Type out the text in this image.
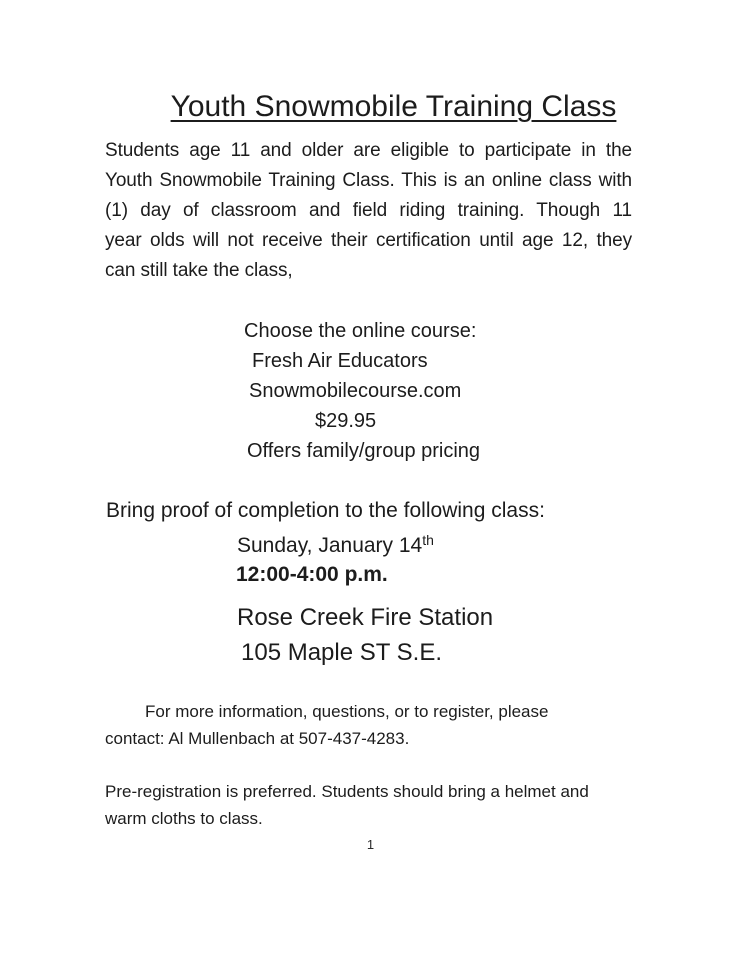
Youth Snowmobile Training Class
Students age 11 and older are eligible to participate in the
Youth Snowmobile Training Class. This is an online class with
(1) day of classroom and field riding training. Though 11
year olds will not receive their certification until age 12, they
can still take the class,
Choose the online course:
Fresh Air Educators
Snowmobilecourse.com
$29.95
Offers family/group pricing
Bring proof of completion to the following class:
Sunday, January 14th
12:00-4:00 p.m.
Rose Creek Fire Station
105 Maple ST S.E.
For more information, questions, or to register, please
contact: Al Mullenbach at 507-437-4283.
Pre-registration is preferred. Students should bring a helmet and
warm cloths to class.
1
